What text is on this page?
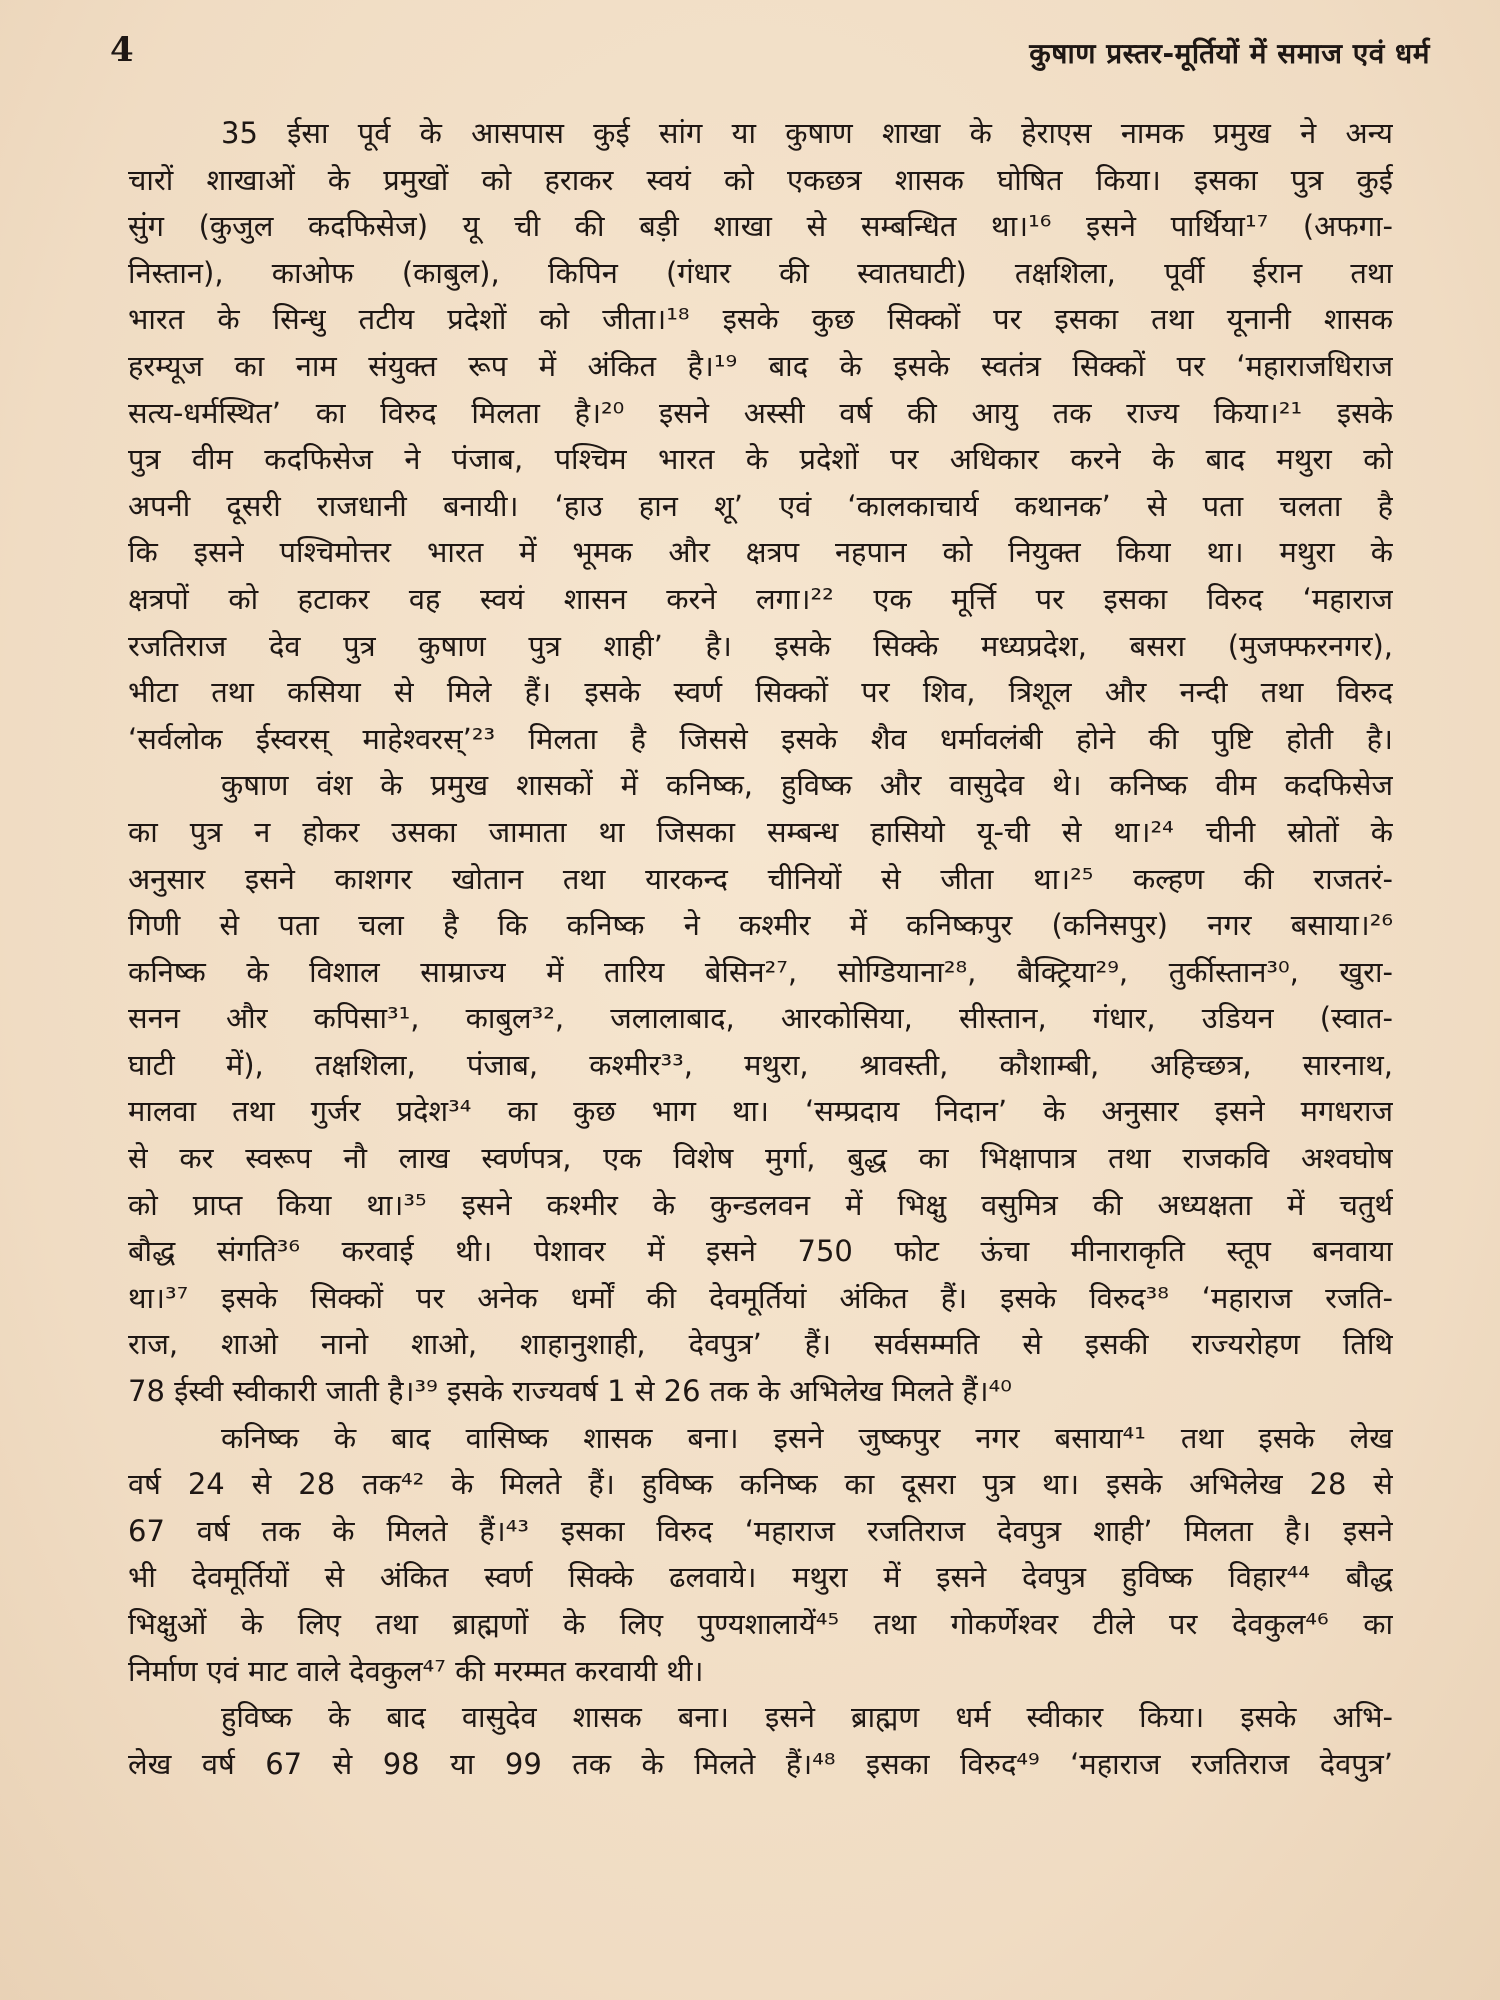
4	कुषाण प्रस्तर-मूर्तियों में समाज एवं धर्म
35 ईसा पूर्व के आसपास कुई सांग या कुषाण शाखा के हेराएस नामक प्रमुख ने अन्य
चारों शाखाओं के प्रमुखों को हराकर स्वयं को एकछत्र शासक घोषित किया। इसका पुत्र कुई
सुंग (कुजुल कदफिसेज) यू ची की बड़ी शाखा से सम्बन्धित था।¹⁶ इसने पार्थिया¹⁷ (अफगा-
निस्तान), काओफ (काबुल), किपिन (गंधार की स्वातघाटी) तक्षशिला, पूर्वी ईरान तथा
भारत के सिन्धु तटीय प्रदेशों को जीता।¹⁸ इसके कुछ सिक्कों पर इसका तथा यूनानी शासक
हरम्यूज का नाम संयुक्त रूप में अंकित है।¹⁹ बाद के इसके स्वतंत्र सिक्कों पर ‘महाराजधिराज
सत्य-धर्मस्थित’ का विरुद मिलता है।²⁰ इसने अस्सी वर्ष की आयु तक राज्य किया।²¹ इसके
पुत्र वीम कदफिसेज ने पंजाब, पश्चिम भारत के प्रदेशों पर अधिकार करने के बाद मथुरा को
अपनी दूसरी राजधानी बनायी। ‘हाउ हान शू’ एवं ‘कालकाचार्य कथानक’ से पता चलता है
कि इसने पश्चिमोत्तर भारत में भूमक और क्षत्रप नहपान को नियुक्त किया था। मथुरा के
क्षत्रपों को हटाकर वह स्वयं शासन करने लगा।²² एक मूर्त्ति पर इसका विरुद ‘महाराज
रजतिराज देव पुत्र कुषाण पुत्र शाही’ है। इसके सिक्के मध्यप्रदेश, बसरा (मुजफ्फरनगर),
भीटा तथा कसिया से मिले हैं। इसके स्वर्ण सिक्कों पर शिव, त्रिशूल और नन्दी तथा विरुद
‘सर्वलोक ईस्वरस् माहेश्वरस्’²³ मिलता है जिससे इसके शैव धर्मावलंबी होने की पुष्टि होती है।
कुषाण वंश के प्रमुख शासकों में कनिष्क, हुविष्क और वासुदेव थे। कनिष्क वीम कदफिसेज
का पुत्र न होकर उसका जामाता था जिसका सम्बन्ध हासियो यू-ची से था।²⁴ चीनी स्रोतों के
अनुसार इसने काशगर खोतान तथा यारकन्द चीनियों से जीता था।²⁵ कल्हण की राजतरं-
गिणी से पता चला है कि कनिष्क ने कश्मीर में कनिष्कपुर (कनिसपुर) नगर बसाया।²⁶
कनिष्क के विशाल साम्राज्य में तारिय बेसिन²⁷, सोग्डियाना²⁸, बैक्ट्रिया²⁹, तुर्कीस्तान³⁰, खुरा-
सनन और कपिसा³¹, काबुल³², जलालाबाद, आरकोसिया, सीस्तान, गंधार, उडियन (स्वात-
घाटी में), तक्षशिला, पंजाब, कश्मीर³³, मथुरा, श्रावस्ती, कौशाम्बी, अहिच्छत्र, सारनाथ,
मालवा तथा गुर्जर प्रदेश³⁴ का कुछ भाग था। ‘सम्प्रदाय निदान’ के अनुसार इसने मगधराज
से कर स्वरूप नौ लाख स्वर्णपत्र, एक विशेष मुर्गा, बुद्ध का भिक्षापात्र तथा राजकवि अश्वघोष
को प्राप्त किया था।³⁵ इसने कश्मीर के कुन्डलवन में भिक्षु वसुमित्र की अध्यक्षता में चतुर्थ
बौद्ध संगति³⁶ करवाई थी। पेशावर में इसने 750 फोट ऊंचा मीनाराकृति स्तूप बनवाया
था।³⁷ इसके सिक्कों पर अनेक धर्मों की देवमूर्तियां अंकित हैं। इसके विरुद³⁸ ‘महाराज रजति-
राज, शाओ नानो शाओ, शाहानुशाही, देवपुत्र’ हैं। सर्वसम्मति से इसकी राज्यरोहण तिथि
78 ईस्वी स्वीकारी जाती है।³⁹ इसके राज्यवर्ष 1 से 26 तक के अभिलेख मिलते हैं।⁴⁰
कनिष्क के बाद वासिष्क शासक बना। इसने जुष्कपुर नगर बसाया⁴¹ तथा इसके लेख
वर्ष 24 से 28 तक⁴² के मिलते हैं। हुविष्क कनिष्क का दूसरा पुत्र था। इसके अभिलेख 28 से
67 वर्ष तक के मिलते हैं।⁴³ इसका विरुद ‘महाराज रजतिराज देवपुत्र शाही’ मिलता है। इसने
भी देवमूर्तियों से अंकित स्वर्ण सिक्के ढलवाये। मथुरा में इसने देवपुत्र हुविष्क विहार⁴⁴ बौद्ध
भिक्षुओं के लिए तथा ब्राह्मणों के लिए पुण्यशालायें⁴⁵ तथा गोकर्णेश्वर टीले पर देवकुल⁴⁶ का
निर्माण एवं माट वाले देवकुल⁴⁷ की मरम्मत करवायी थी।
हुविष्क के बाद वासुदेव शासक बना। इसने ब्राह्मण धर्म स्वीकार किया। इसके अभि-
लेख वर्ष 67 से 98 या 99 तक के मिलते हैं।⁴⁸ इसका विरुद⁴⁹ ‘महाराज रजतिराज देवपुत्र’
